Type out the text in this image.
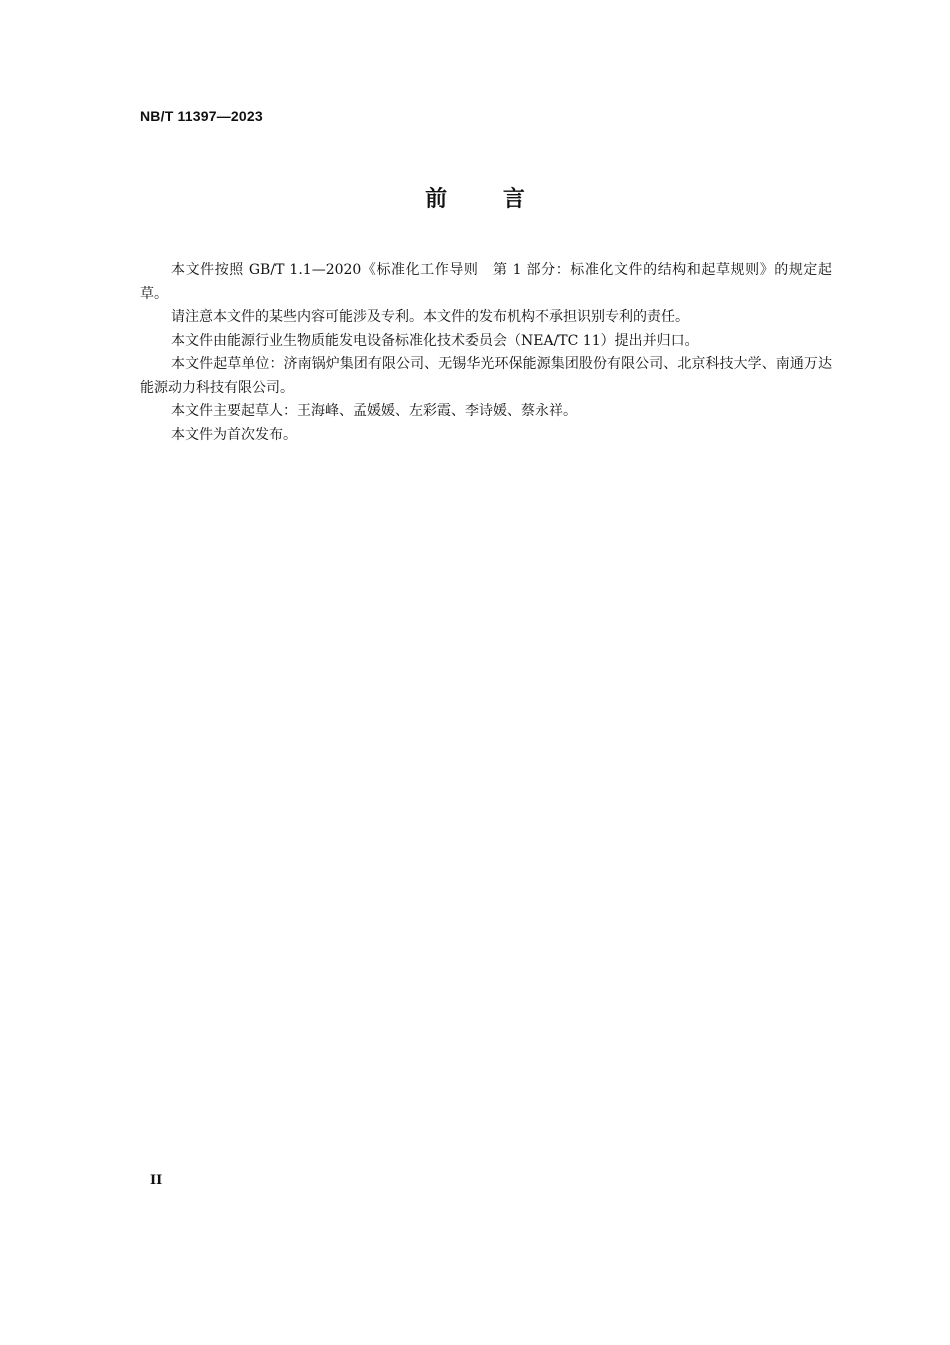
NB/T 11397—2023
前 言

本文件按照 GB/T 1.1—2020《标准化工作导则　第 1 部分：标准化文件的结构和起草规则》的规定起草。

请注意本文件的某些内容可能涉及专利。本文件的发布机构不承担识别专利的责任。

本文件由能源行业生物质能发电设备标准化技术委员会（NEA/TC 11）提出并归口。

本文件起草单位：济南锅炉集团有限公司、无锡华光环保能源集团股份有限公司、北京科技大学、南通万达能源动力科技有限公司。

本文件主要起草人：王海峰、孟媛媛、左彩霞、李诗媛、蔡永祥。

本文件为首次发布。

II
